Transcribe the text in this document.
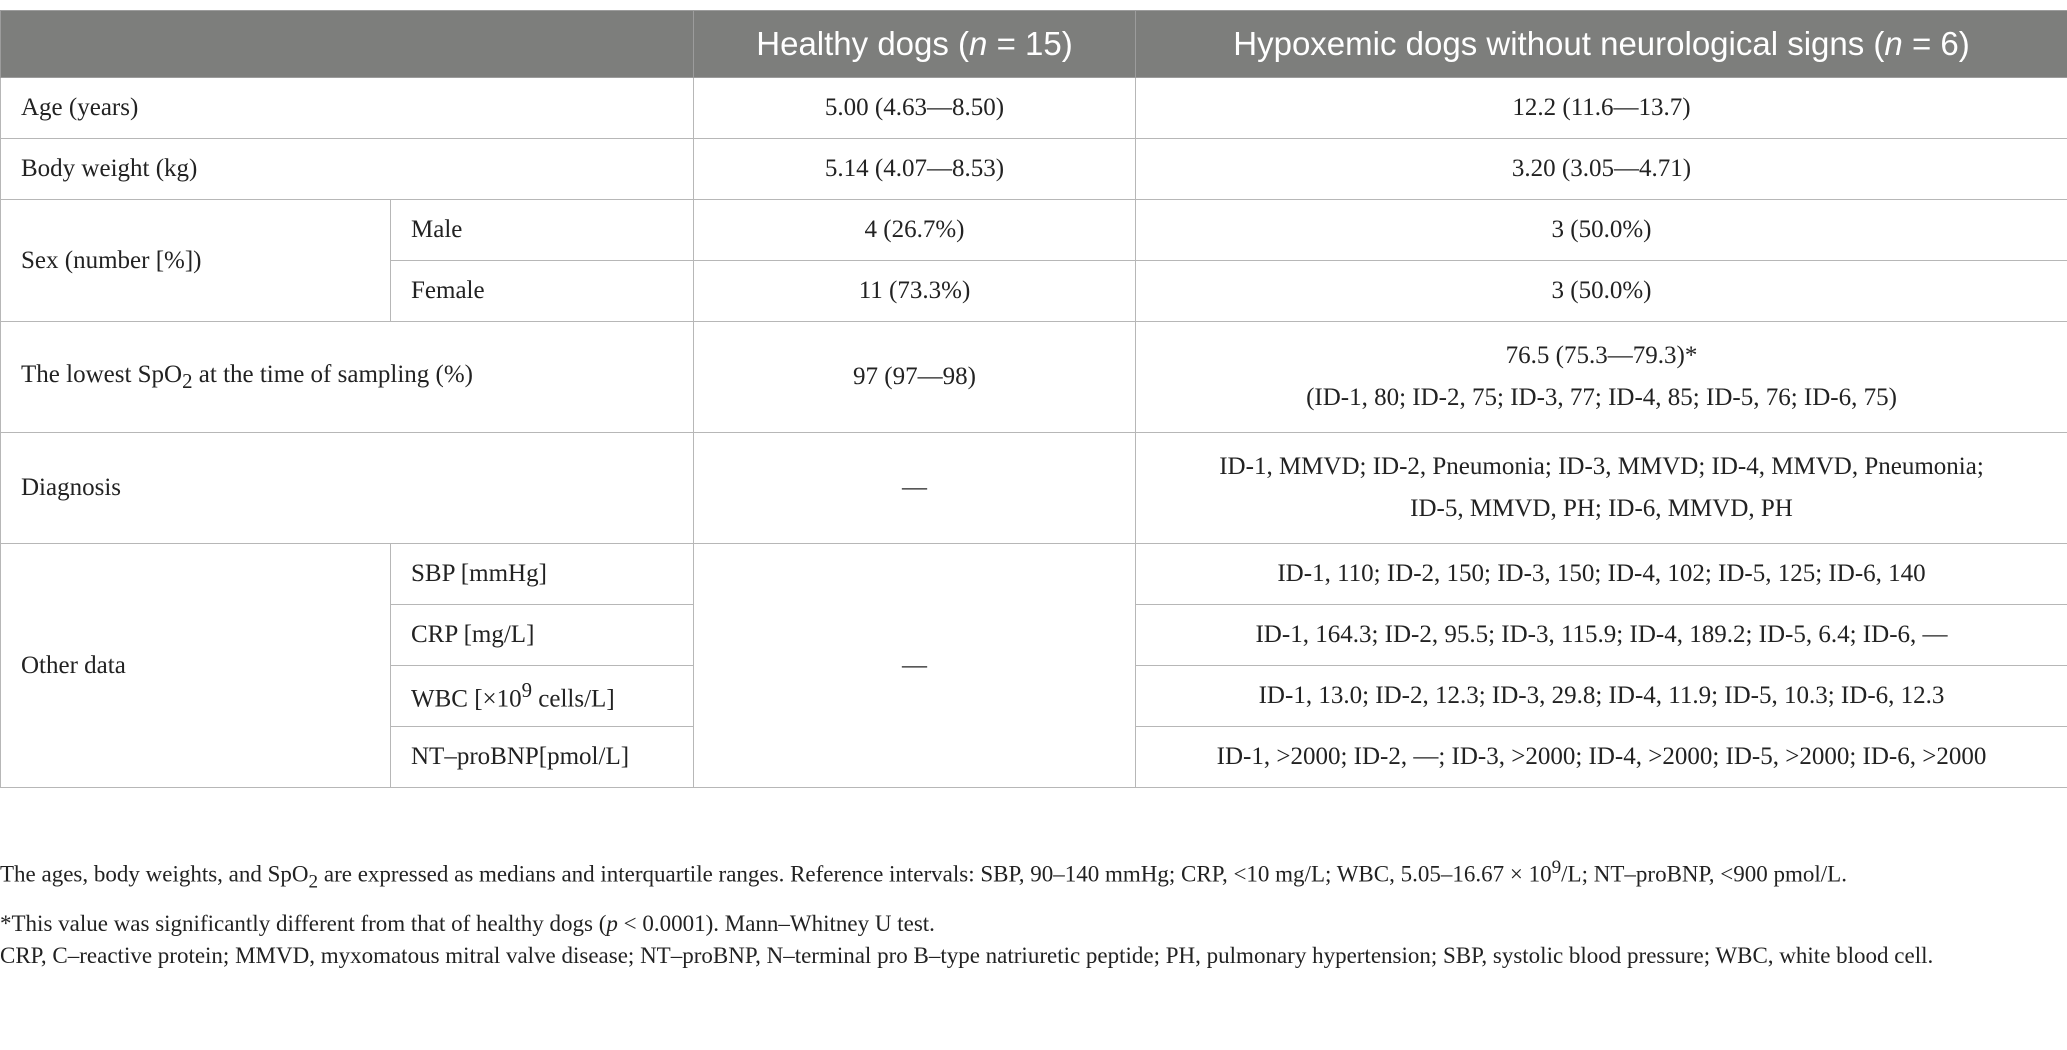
		Healthy dogs (n = 15)	Hypoxemic dogs without neurological signs (n = 6)
Age (years)		5.00 (4.63—8.50)	12.2 (11.6—13.7)
Body weight (kg)		5.14 (4.07—8.53)	3.20 (3.05—4.71)
Sex (number [%])	Male	4 (26.7%)	3 (50.0%)
	Female	11 (73.3%)	3 (50.0%)
The lowest SpO$_2$ at the time of sampling (%)		97 (97—98)	76.5 (75.3—79.3)*
(ID-1, 80; ID-2, 75; ID-3, 77; ID-4, 85; ID-5, 76; ID-6, 75)

Diagnosis		—	ID-1, MMVD; ID-2, Pneumonia; ID-3, MMVD; ID-4, MMVD, Pneumonia;
ID-5, MMVD, PH; ID-6, MMVD, PH

Other data	SBP [mmHg]	—	ID-1, 110; ID-2, 150; ID-3, 150; ID-4, 102; ID-5, 125; ID-6, 140
	CRP [mg/L]		ID-1, 164.3; ID-2, 95.5; ID-3, 115.9; ID-4, 189.2; ID-5, 6.4; ID-6, —
	WBC [$\times 10^9$ cells/L]		ID-1, 13.0; ID-2, 12.3; ID-3, 29.8; ID-4, 11.9; ID-5, 10.3; ID-6, 12.3
	NT–proBNP[pmol/L]		ID-1, >2000; ID-2, —; ID-3, >2000; ID-4, >2000; ID-5, >2000; ID-6, >2000

The ages, body weights, and SpO$_2$ are expressed as medians and interquartile ranges. Reference intervals: SBP, 90–140 mmHg; CRP, <10 mg/L; WBC, $5.05-16.67 \times 10^9/L$; NT–proBNP, <900 pmol/L.

*This value was significantly different from that of healthy dogs (p < 0.0001). Mann–Whitney U test.

CRP, C–reactive protein; MMVD, myxomatous mitral valve disease; NT–proBNP, N–terminal pro B–type natriuretic peptide; PH, pulmonary hypertension; SBP, systolic blood pressure; WBC, white blood cell.
